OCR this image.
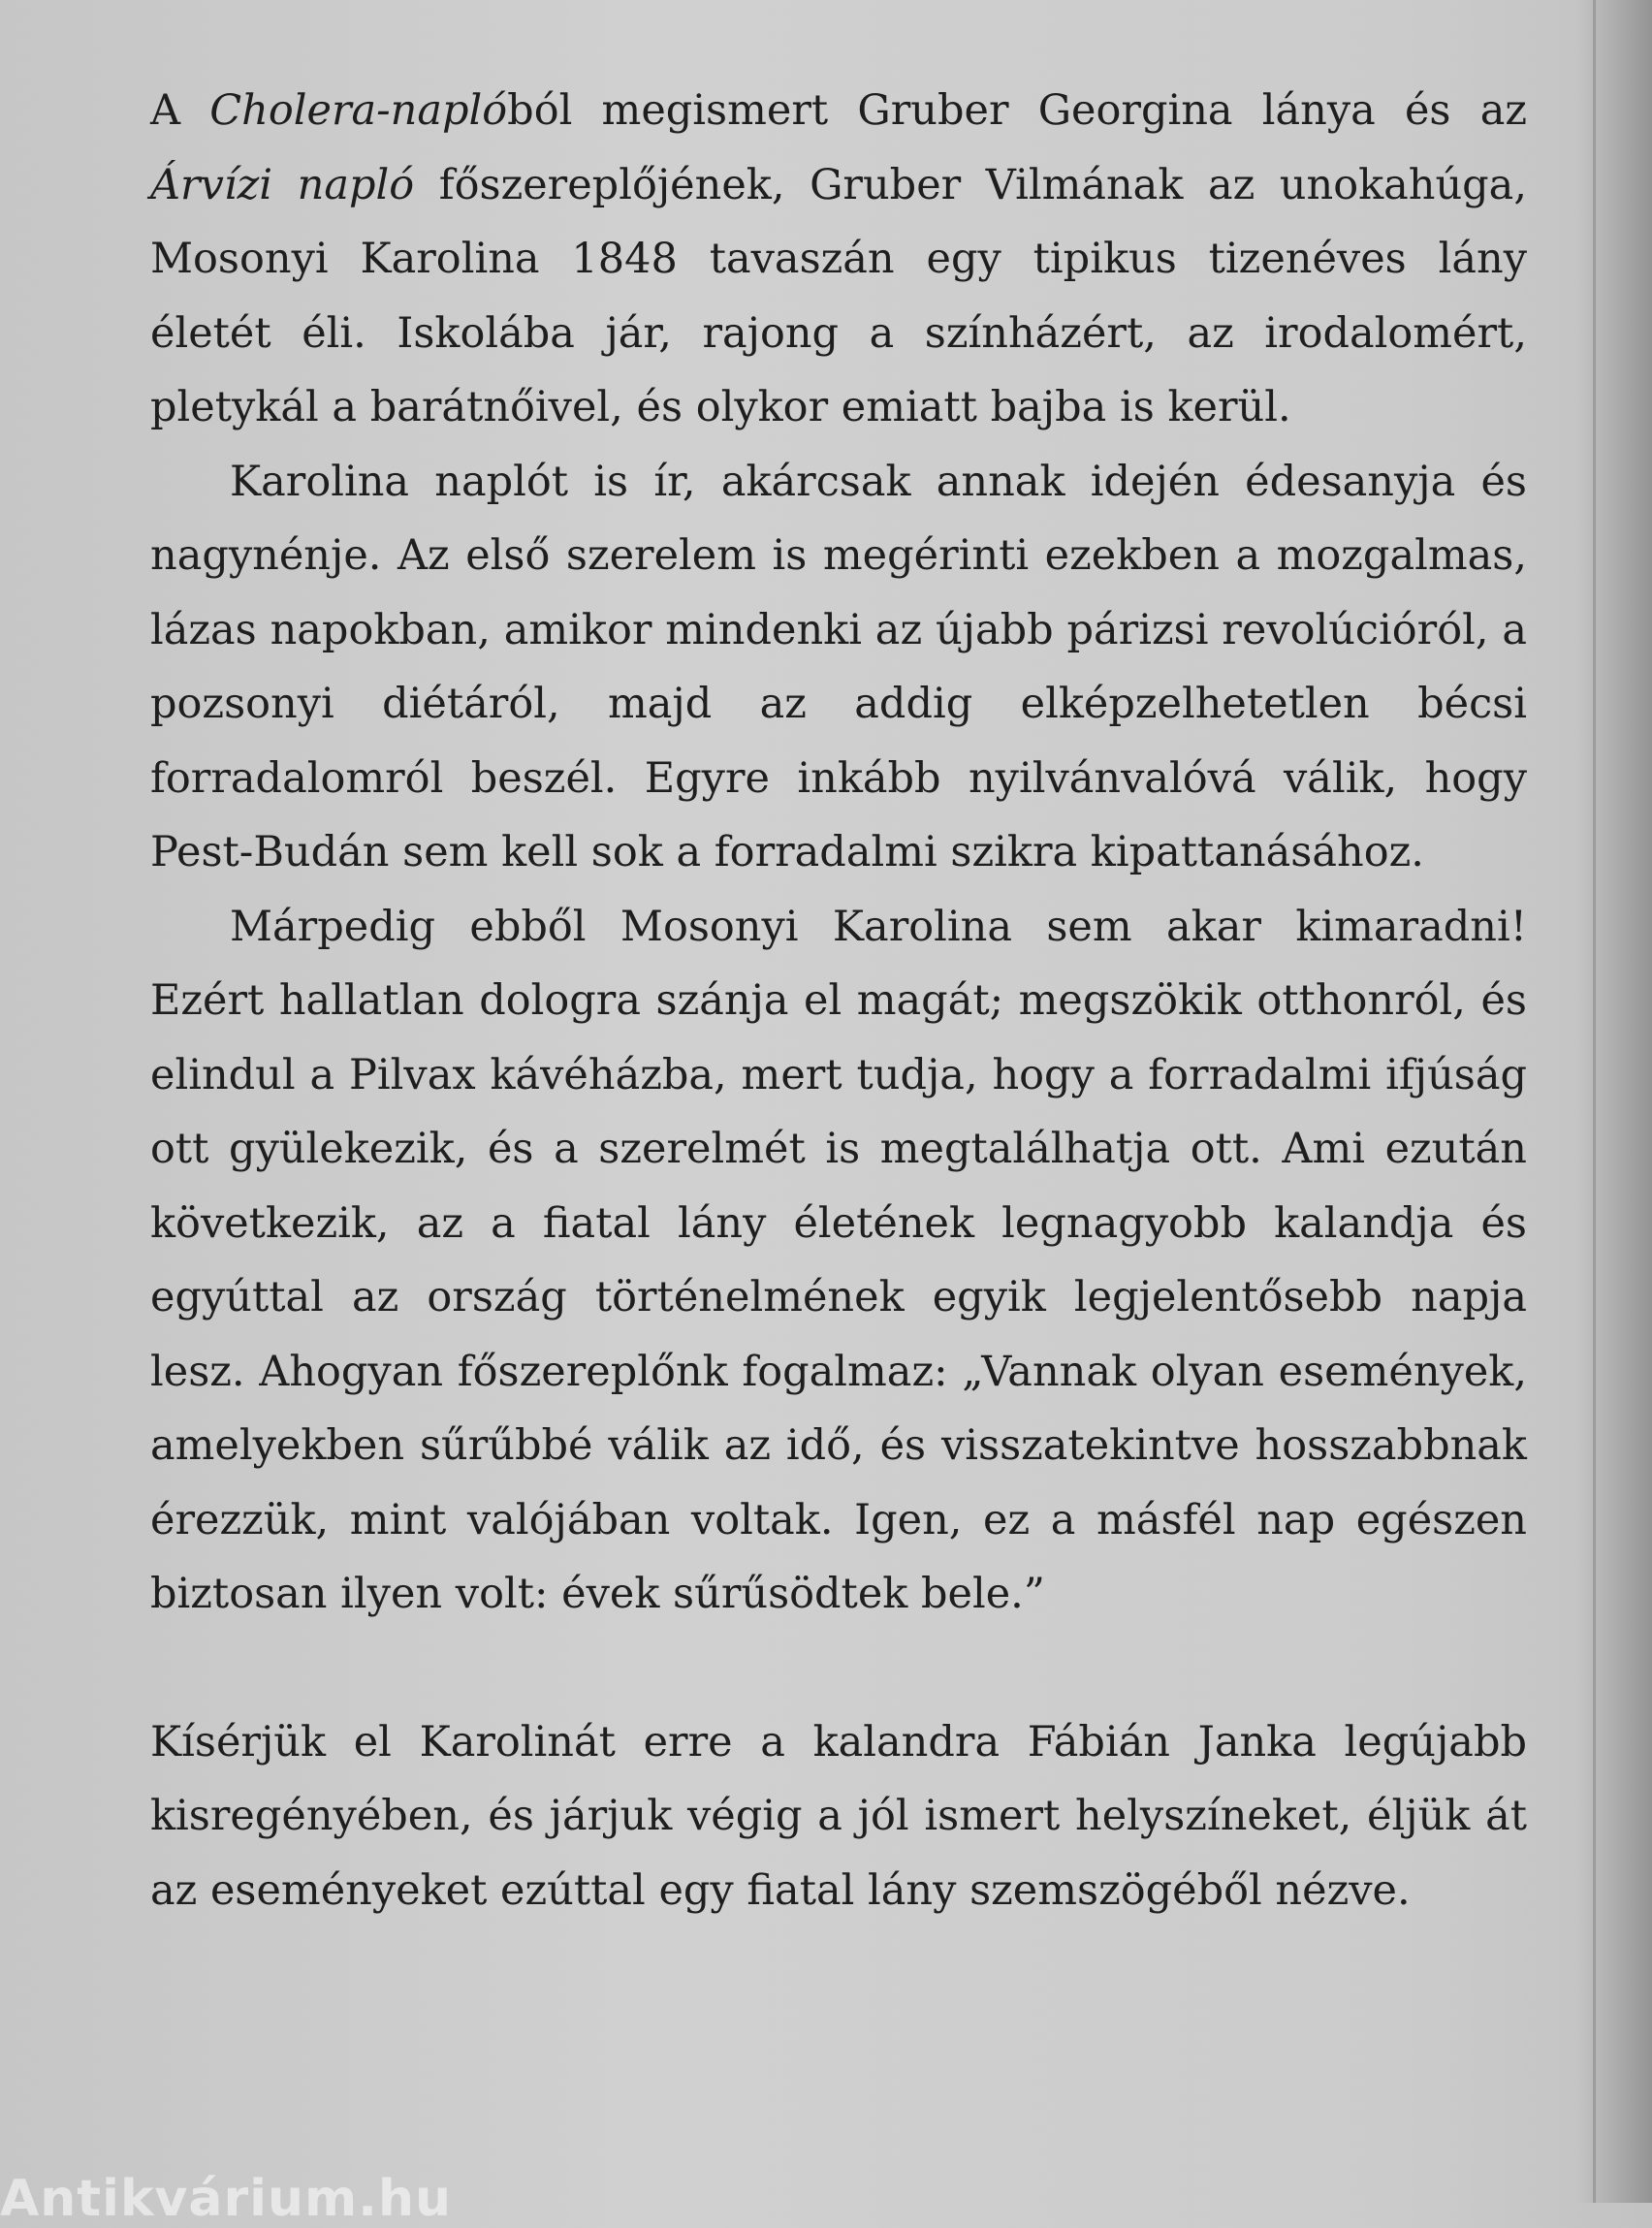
A Cholera-naplóból megismert Gruber Georgina lánya és az Árvízi napló főszereplőjének, Gruber Vilmának az unokahúga, Mosonyi Karolina 1848 tavaszán egy tipikus tizenéves lány életét éli. Iskolába jár, rajong a színházért, az irodalomért, pletykál a barátnőivel, és olykor emiatt bajba is kerül.

Karolina naplót is ír, akárcsak annak idején édesanyja és nagynénje. Az első szerelem is megérinti ezekben a mozgalmas, lázas napokban, amikor mindenki az újabb párizsi revolúcióról, a pozsonyi diétáról, majd az addig elképzelhetetlen bécsi forradalomról beszél. Egyre inkább nyilvánvalóvá válik, hogy Pest-Budán sem kell sok a forradalmi szikra kipattanásához.

Márpedig ebből Mosonyi Karolina sem akar kimaradni! Ezért hallatlan dologra szánja el magát; megszökik otthonról, és elindul a Pilvax kávéházba, mert tudja, hogy a forradalmi ifjúság ott gyülekezik, és a szerelmét is megtalálhatja ott. Ami ezután következik, az a fiatal lány életének legnagyobb kalandja és egyúttal az ország történelmének egyik legjelentősebb napja lesz. Ahogyan főszereplőnk fogalmaz: „Vannak olyan események, amelyekben sűrűbbé válik az idő, és visszatekintve hosszabbnak érezzük, mint valójában voltak. Igen, ez a másfél nap egészen biztosan ilyen volt: évek sűrűsödtek bele.”

Kísérjük el Karolinát erre a kalandra Fábián Janka legújabb kisregényében, és járjuk végig a jól ismert helyszíneket, éljük át az eseményeket ezúttal egy fiatal lány szemszögéből nézve.

Antikvárium.hu
